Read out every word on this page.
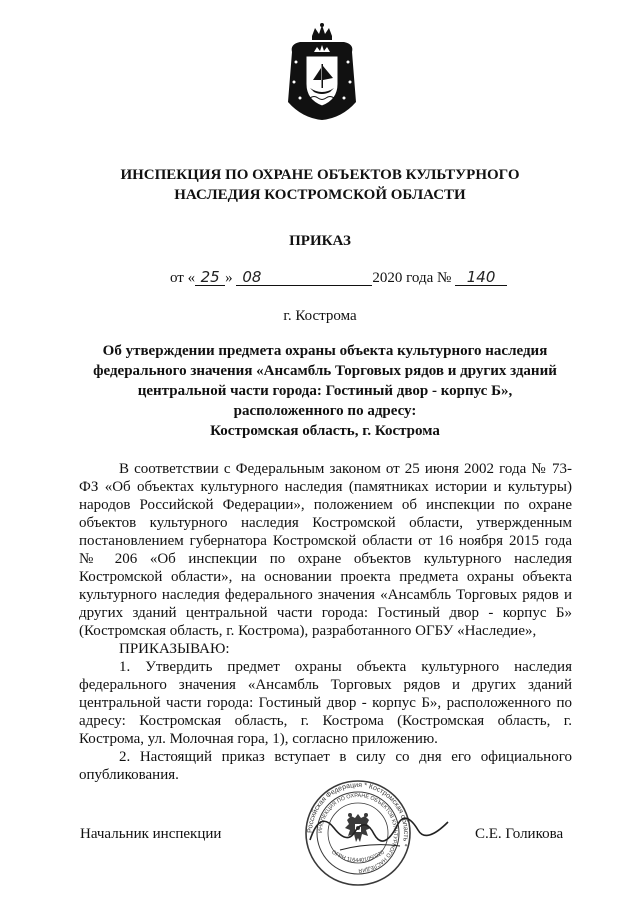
ИНСПЕКЦИЯ ПО ОХРАНЕ ОБЪЕКТОВ КУЛЬТУРНОГО
НАСЛЕДИЯ КОСТРОМСКОЙ ОБЛАСТИ
ПРИКАЗ
от « 25 » 08	2020 года № 140
г. Кострома
Об утверждении предмета охраны объекта культурного наследия
федерального значения «Ансамбль Торговых рядов и других зданий
центральной части города: Гостиный двор - корпус Б»,
расположенного по адресу:
Костромская область, г. Кострома

В соответствии с Федеральным законом от 25 июня 2002 года № 73-ФЗ «Об объектах культурного наследия (памятниках истории и культуры) народов Российской Федерации», положением об инспекции по охране объектов культурного наследия Костромской области, утвержденным постановлением губернатора Костромской области от 16 ноября 2015 года № 206 «Об инспекции по охране объектов культурного наследия Костромской области», на основании проекта предмета охраны объекта культурного наследия федерального значения «Ансамбль Торговых рядов и других зданий центральной части города: Гостиный двор - корпус Б» (Костромская область, г. Кострома), разработанного ОГБУ «Наследие»,

ПРИКАЗЫВАЮ:

1. Утвердить предмет охраны объекта культурного наследия федерального значения «Ансамбль Торговых рядов и других зданий центральной части города: Гостиный двор - корпус Б», расположенного по адресу: Костромская область, г. Кострома (Костромская область, г. Кострома, ул. Молочная гора, 1), согласно приложению.

2. Настоящий приказ вступает в силу со дня его официального опубликования.

Российская Федерация * Костромская область *
ИНСПЕКЦИЯ ПО ОХРАНЕ ОБЪЕКТОВ КУЛЬТУРНОГО НАСЛЕДИЯ
ОГРН 1164401050220
Начальник инспекции	С.Е. Голикова
